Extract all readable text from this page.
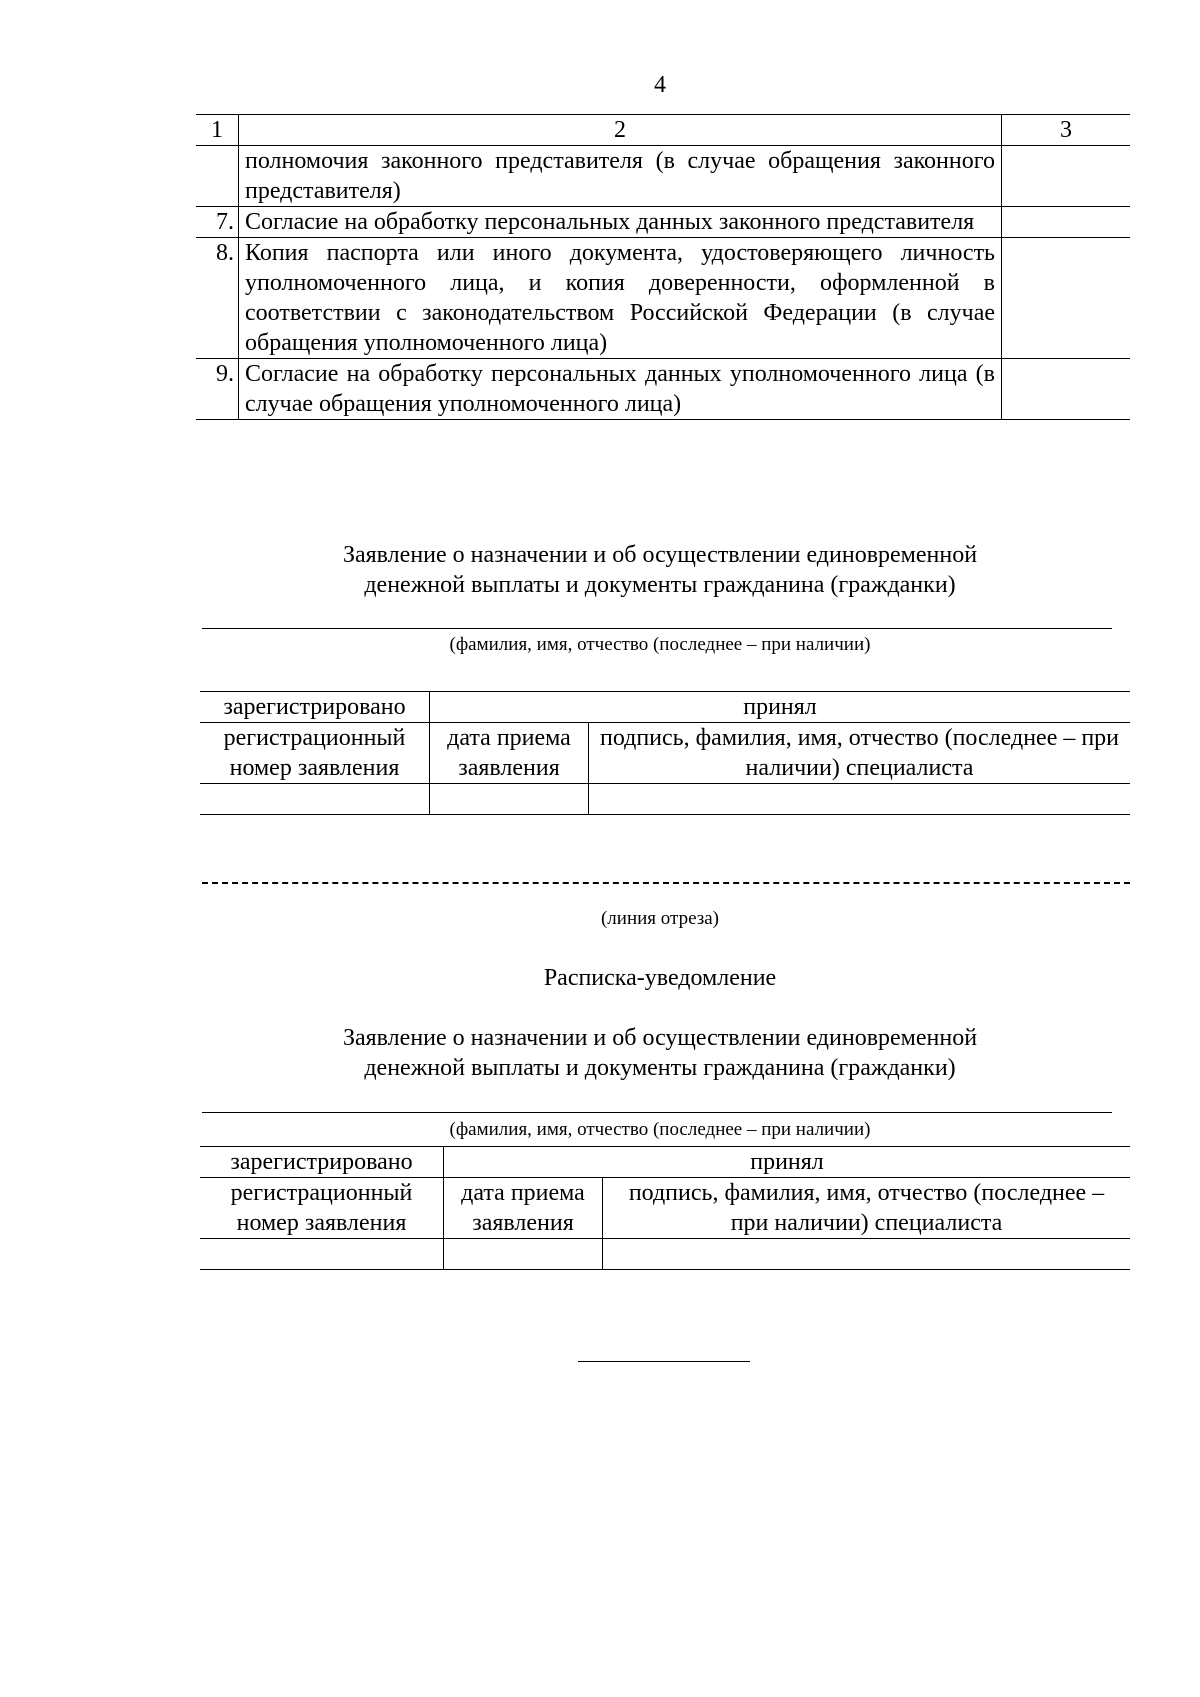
4
1	2	3
	полномочия законного представителя (в случае обращения законного представителя)	
7.	Согласие на обработку персональных данных законного представителя	
8.	Копия паспорта или иного документа, удостоверяющего личность уполномоченного лица, и копия доверенности, оформленной в соответствии с законодательством Российской Федерации (в случае обращения уполномоченного лица)	
9.	Согласие на обработку персональных данных уполномоченного лица (в случае обращения уполномоченного лица)	
Заявление о назначении и об осуществлении единовременной
денежной выплаты и документы гражданина (гражданки)
(фамилия, имя, отчество (последнее – при наличии)
зарегистрировано	принял	
регистрационный номер заявления	дата приема заявления	подпись, фамилия, имя, отчество (последнее – при наличии) специалиста

(линия отреза)
Расписка-уведомление
Заявление о назначении и об осуществлении единовременной
денежной выплаты и документы гражданина (гражданки)
(фамилия, имя, отчество (последнее – при наличии)
зарегистрировано	принял	
регистрационный номер заявления	дата приема заявления	подпись, фамилия, имя, отчество (последнее – при наличии) специалиста
